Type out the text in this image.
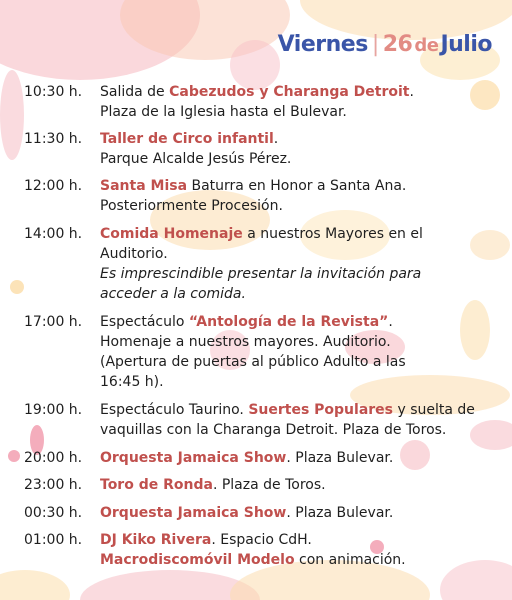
Viernes | 26 deJulio
10:30 h.	Salida de Cabezudos y Charanga Detroit.
Plaza de la Iglesia hasta el Bulevar.
11:30 h.	Taller de Circo infantil.
Parque Alcalde Jesús Pérez.
12:00 h.	Santa Misa Baturra en Honor a Santa Ana.
Posteriormente Procesión.
14:00 h.	Comida Homenaje a nuestros Mayores en el
Auditorio.
Es imprescindible presentar la invitación para
acceder a la comida.
17:00 h.	Espectáculo “Antología de la Revista”.
Homenaje a nuestros mayores. Auditorio.
(Apertura de puertas al público Adulto a las
16:45 h).
19:00 h.	Espectáculo Taurino. Suertes Populares y suelta de
vaquillas con la Charanga Detroit. Plaza de Toros.
20:00 h.	Orquesta Jamaica Show. Plaza Bulevar.
23:00 h.	Toro de Ronda. Plaza de Toros.
00:30 h.	Orquesta Jamaica Show. Plaza Bulevar.
01:00 h.	DJ Kiko Rivera. Espacio CdH.
Macrodiscomóvil Modelo con animación.
